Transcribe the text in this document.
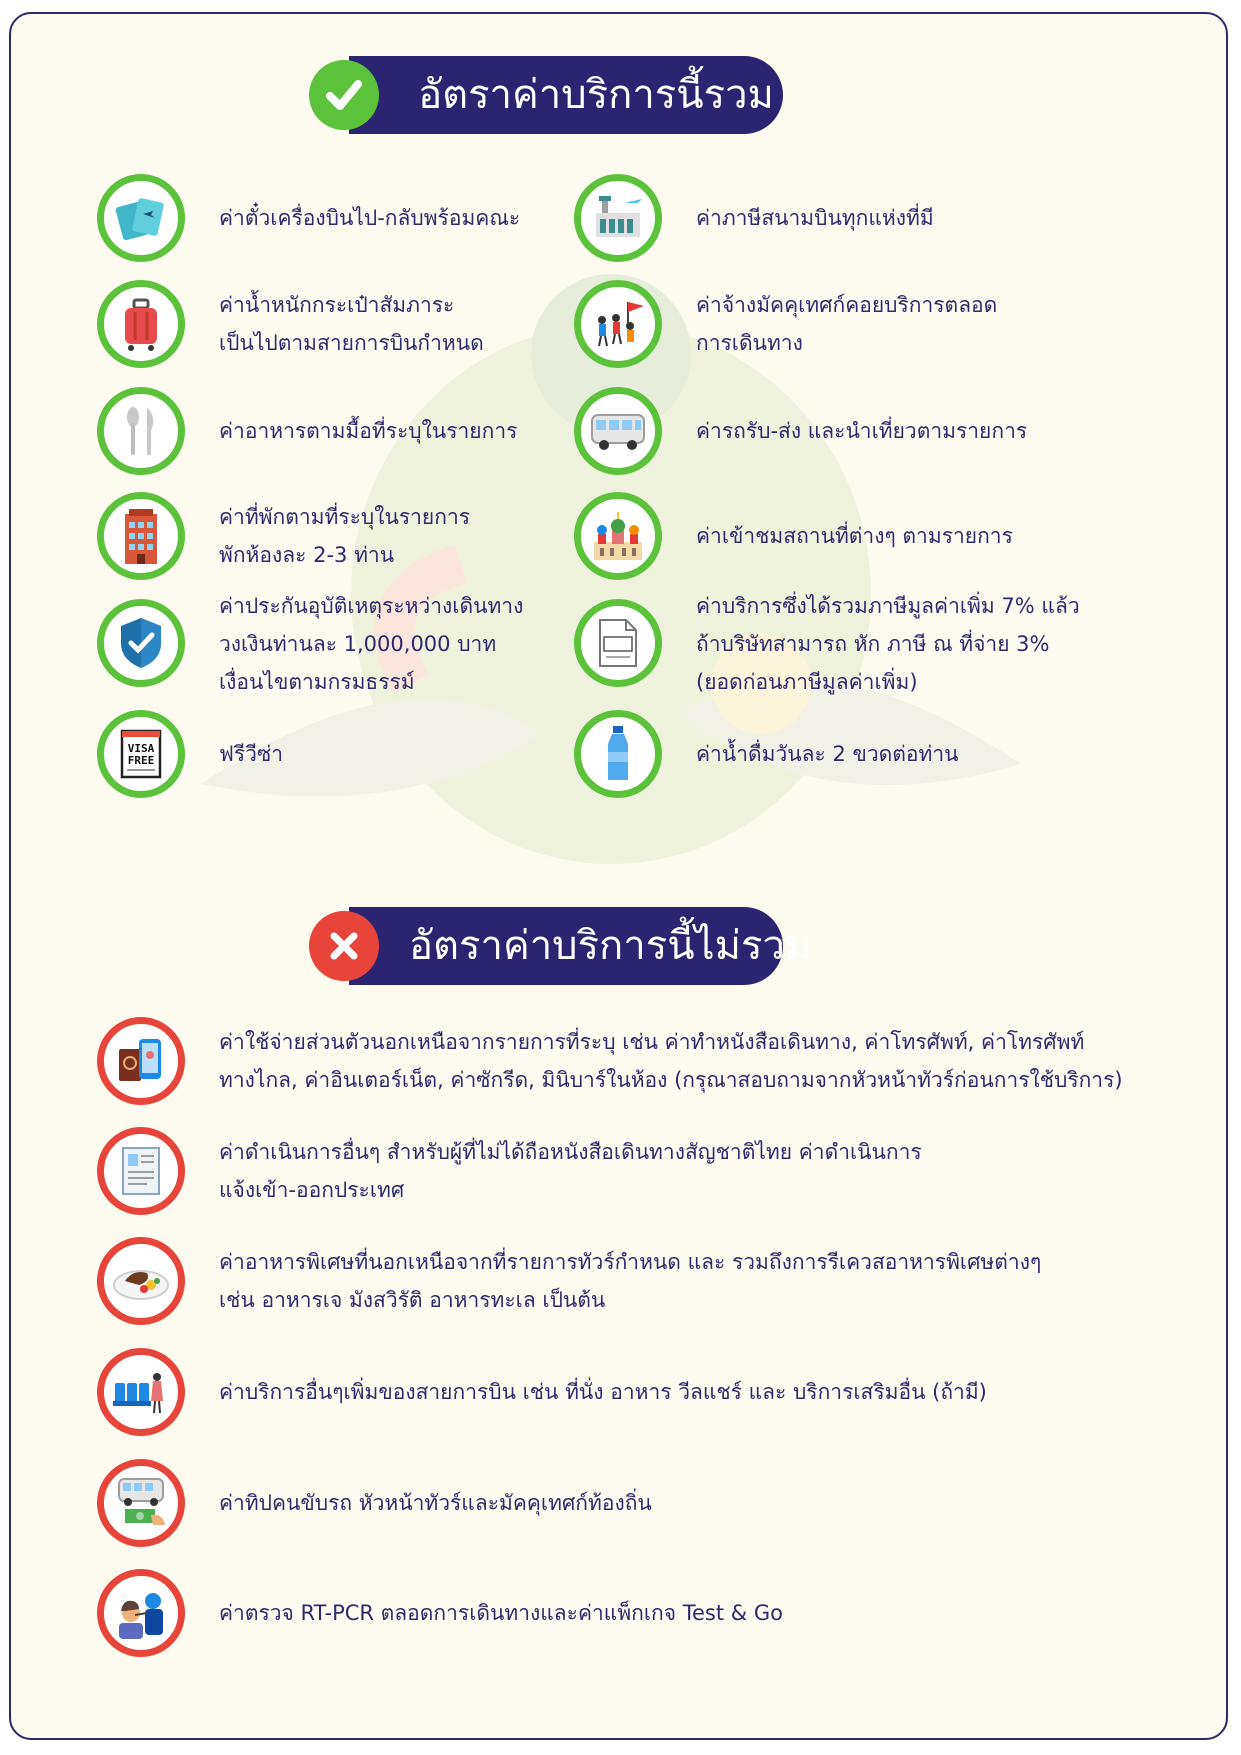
อัตราค่าบริการนี้รวม
อัตราค่าบริการนี้ไม่รวม
ค่าตั๋วเครื่องบินไป-กลับพร้อมคณะ
ค่าน้ำหนักกระเป๋าสัมภาระ
เป็นไปตามสายการบินกำหนด
ค่าอาหารตามมื้อที่ระบุในรายการ
ค่าที่พักตามที่ระบุในรายการ
พักห้องละ 2-3 ท่าน
ค่าประกันอุบัติเหตุระหว่างเดินทาง
วงเงินท่านละ 1,000,000 บาท
เงื่อนไขตามกรมธรรม์
VISA
FREE	ฟรีวีซ่า
ค่าภาษีสนามบินทุกแห่งที่มี
ค่าจ้างมัคคุเทศก์คอยบริการตลอด
การเดินทาง
ค่ารถรับ-ส่ง และนำเที่ยวตามรายการ
ค่าเข้าชมสถานที่ต่างๆ ตามรายการ
ค่าบริการซึ่งได้รวมภาษีมูลค่าเพิ่ม 7% แล้ว
ถ้าบริษัทสามารถ หัก ภาษี ณ ที่จ่าย 3%
(ยอดก่อนภาษีมูลค่าเพิ่ม)
ค่าน้ำดื่มวันละ 2 ขวดต่อท่าน
ค่าใช้จ่ายส่วนตัวนอกเหนือจากรายการที่ระบุ เช่น ค่าทำหนังสือเดินทาง, ค่าโทรศัพท์, ค่าโทรศัพท์
ทางไกล, ค่าอินเตอร์เน็ต, ค่าซักรีด, มินิบาร์ในห้อง (กรุณาสอบถามจากหัวหน้าทัวร์ก่อนการใช้บริการ)
ค่าดำเนินการอื่นๆ สำหรับผู้ที่ไม่ได้ถือหนังสือเดินทางสัญชาติไทย ค่าดำเนินการ
แจ้งเข้า-ออกประเทศ
ค่าอาหารพิเศษที่นอกเหนือจากที่รายการทัวร์กำหนด และ รวมถึงการรีเควสอาหารพิเศษต่างๆ
เช่น อาหารเจ มังสวิรัติ อาหารทะเล เป็นต้น
ค่าบริการอื่นๆเพิ่มของสายการบิน เช่น ที่นั่ง อาหาร วีลแชร์ และ บริการเสริมอื่น (ถ้ามี)
ค่าทิปคนขับรถ หัวหน้าทัวร์และมัคคุเทศก์ท้องถิ่น
ค่าตรวจ RT-PCR ตลอดการเดินทางและค่าแพ็กเกจ Test & Go
